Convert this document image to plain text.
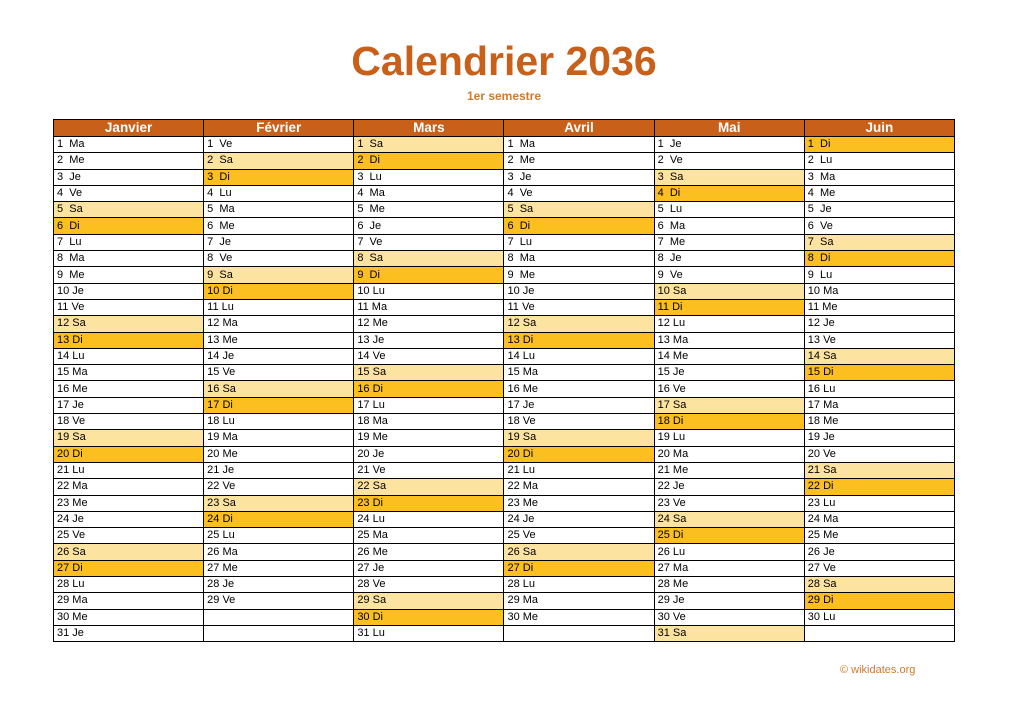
Calendrier 2036
1er semestre
Janvier	Février	Mars	Avril	Mai	Juin
1  Ma	1  Ve	1  Sa	1  Ma	1  Je	1  Di
2  Me	2  Sa	2  Di	2  Me	2  Ve	2  Lu
3  Je	3  Di	3  Lu	3  Je	3  Sa	3  Ma
4  Ve	4  Lu	4  Ma	4  Ve	4  Di	4  Me
5  Sa	5  Ma	5  Me	5  Sa	5  Lu	5  Je
6  Di	6  Me	6  Je	6  Di	6  Ma	6  Ve
7  Lu	7  Je	7  Ve	7  Lu	7  Me	7  Sa
8  Ma	8  Ve	8  Sa	8  Ma	8  Je	8  Di
9  Me	9  Sa	9  Di	9  Me	9  Ve	9  Lu
10 Je	10 Di	10 Lu	10 Je	10 Sa	10 Ma
11 Ve	11 Lu	11 Ma	11 Ve	11 Di	11 Me
12 Sa	12 Ma	12 Me	12 Sa	12 Lu	12 Je
13 Di	13 Me	13 Je	13 Di	13 Ma	13 Ve
14 Lu	14 Je	14 Ve	14 Lu	14 Me	14 Sa
15 Ma	15 Ve	15 Sa	15 Ma	15 Je	15 Di
16 Me	16 Sa	16 Di	16 Me	16 Ve	16 Lu
17 Je	17 Di	17 Lu	17 Je	17 Sa	17 Ma
18 Ve	18 Lu	18 Ma	18 Ve	18 Di	18 Me
19 Sa	19 Ma	19 Me	19 Sa	19 Lu	19 Je
20 Di	20 Me	20 Je	20 Di	20 Ma	20 Ve
21 Lu	21 Je	21 Ve	21 Lu	21 Me	21 Sa
22 Ma	22 Ve	22 Sa	22 Ma	22 Je	22 Di
23 Me	23 Sa	23 Di	23 Me	23 Ve	23 Lu
24 Je	24 Di	24 Lu	24 Je	24 Sa	24 Ma
25 Ve	25 Lu	25 Ma	25 Ve	25 Di	25 Me
26 Sa	26 Ma	26 Me	26 Sa	26 Lu	26 Je
27 Di	27 Me	27 Je	27 Di	27 Ma	27 Ve
28 Lu	28 Je	28 Ve	28 Lu	28 Me	28 Sa
29 Ma	29 Ve	29 Sa	29 Ma	29 Je	29 Di
30 Me		30 Di	30 Me	30 Ve	30 Lu
31 Je		31 Lu		31 Sa	
© wikidates.org
